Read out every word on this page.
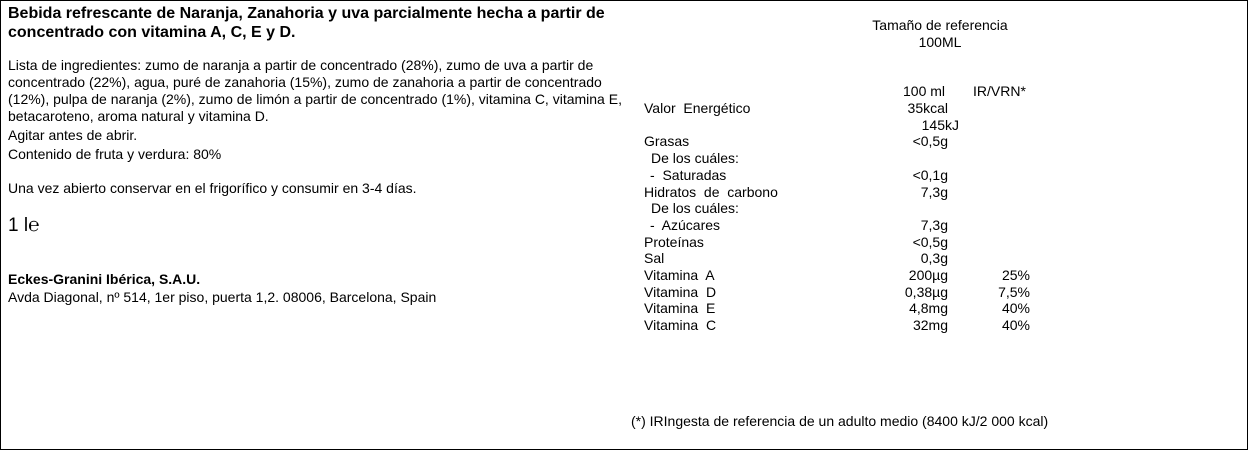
Bebida refrescante de Naranja, Zanahoria y uva parcialmente hecha a partir de concentrado con vitamina A, C, E y D.
Lista de ingredientes: zumo de naranja a partir de concentrado (28%), zumo de uva a partir de concentrado (22%), agua, puré de zanahoria (15%), zumo de zanahoria a partir de concentrado (12%), pulpa de naranja (2%), zumo de limón a partir de concentrado (1%), vitamina C, vitamina E, betacaroteno, aroma natural y vitamina D.
Agitar antes de abrir.
Contenido de fruta y verdura: 80%
Una vez abierto conservar en el frigorífico y consumir en 3-4 días.
1 l℮
Eckes-Granini Ibérica, S.A.U.
Avda Diagonal, nº 514, 1er piso, puerta 1,2. 08006, Barcelona, Spain
Tamaño de referencia
100ML
100 ml IR/VRN*
Valor  Energético	35kcal
145kJ
Grasas	<0,5g
De los cuáles:
-  Saturadas	<0,1g
Hidratos  de  carbono	7,3g
De los cuáles:
-  Azúcares	7,3g
Proteínas	<0,5g
Sal	0,3g
Vitamina  A	200µg	25%
Vitamina  D	0,38µg	7,5%
Vitamina  E	4,8mg	40%
Vitamina  C	32mg	40%
(*) IRIngesta de referencia de un adulto medio (8400 kJ/2 000 kcal)
